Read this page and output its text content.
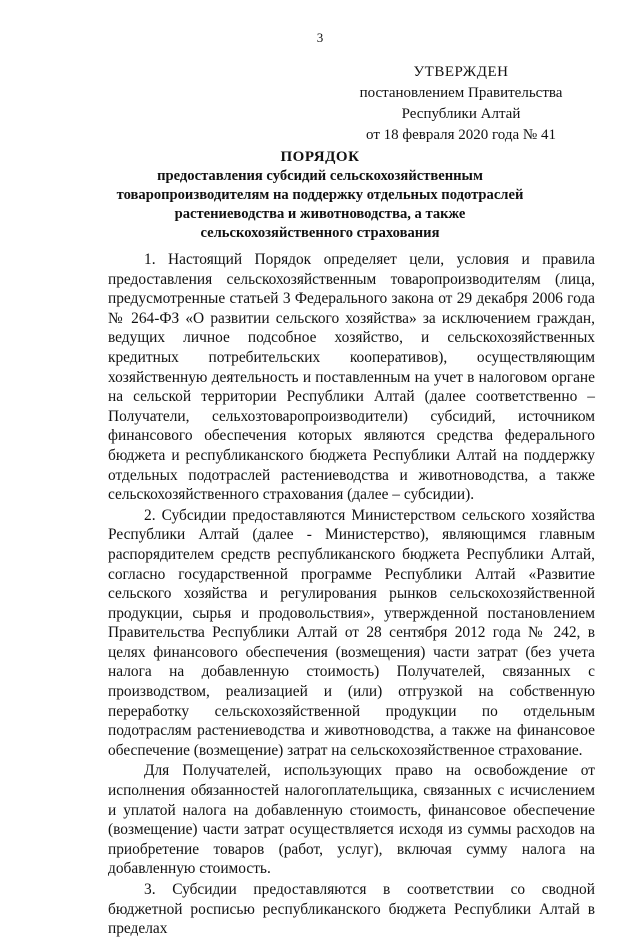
3
УТВЕРЖДЕН
постановлением Правительства
Республики Алтай
от 18 февраля 2020 года № 41
ПОРЯДОК
предоставления субсидий сельскохозяйственным
товаропроизводителям на поддержку отдельных подотраслей
растениеводства и животноводства, а также
сельскохозяйственного страхования

1. Настоящий Порядок определяет цели, условия и правила предоставления сельскохозяйственным товаропроизводителям (лица, предусмотренные статьей 3 Федерального закона от 29 декабря 2006 года № 264-ФЗ «О развитии сельского хозяйства» за исключением граждан, ведущих личное подсобное хозяйство, и сельскохозяйственных кредитных потребительских кооперативов), осуществляющим хозяйственную деятельность и поставленным на учет в налоговом органе на сельской территории Республики Алтай (далее соответственно – Получатели, сельхозтоваропроизводители) субсидий, источником финансового обеспечения которых являются средства федерального бюджета и республиканского бюджета Республики Алтай на поддержку отдельных подотраслей растениеводства и животноводства, а также сельскохозяйственного страхования (далее – субсидии).

2. Субсидии предоставляются Министерством сельского хозяйства Республики Алтай (далее - Министерство), являющимся главным распорядителем средств республиканского бюджета Республики Алтай, согласно государственной программе Республики Алтай «Развитие сельского хозяйства и регулирования рынков сельскохозяйственной продукции, сырья и продовольствия», утвержденной постановлением Правительства Республики Алтай от 28 сентября 2012 года № 242, в целях финансового обеспечения (возмещения) части затрат (без учета налога на добавленную стоимость) Получателей, связанных с производством, реализацией и (или) отгрузкой на собственную переработку сельскохозяйственной продукции по отдельным подотраслям растениеводства и животноводства, а также на финансовое обеспечение (возмещение) затрат на сельскохозяйственное страхование.

Для Получателей, использующих право на освобождение от исполнения обязанностей налогоплательщика, связанных с исчислением и уплатой налога на добавленную стоимость, финансовое обеспечение (возмещение) части затрат осуществляется исходя из суммы расходов на приобретение товаров (работ, услуг), включая сумму налога на добавленную стоимость.

3. Субсидии предоставляются в соответствии со сводной бюджетной росписью республиканского бюджета Республики Алтай в пределах
